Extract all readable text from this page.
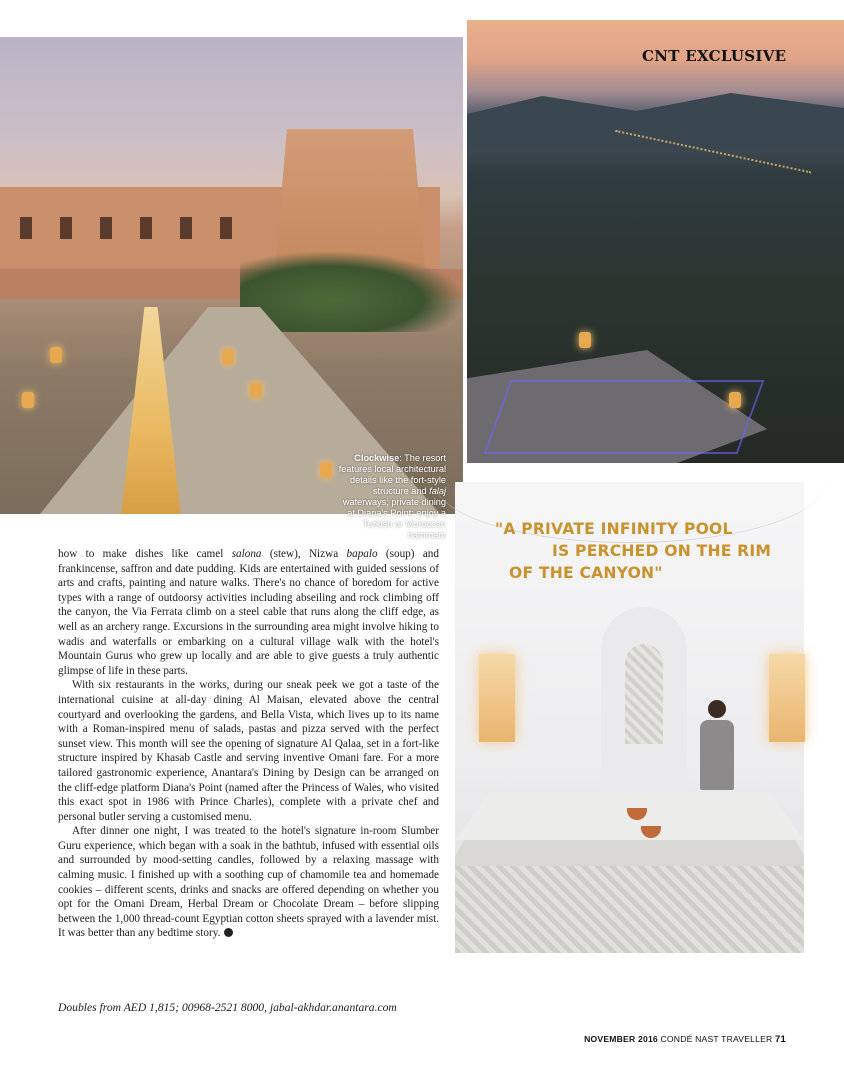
Clockwise: The resort features local architectural details like the fort-style structure and falaj waterways; private dining at Diana's Point; enjoy a Turkish or Moroccan hammam
CNT EXCLUSIVE
"A PRIVATE INFINITY POOL
IS PERCHED ON THE RIM
OF THE CANYON"

how to make dishes like camel salona (stew), Nizwa bapalo (soup) and frankincense, saffron and date pudding. Kids are entertained with guided sessions of arts and crafts, painting and nature walks. There's no chance of boredom for active types with a range of outdoorsy activities including abseiling and rock climbing off the canyon, the Via Ferrata climb on a steel cable that runs along the cliff edge, as well as an archery range. Excursions in the surrounding area might involve hiking to wadis and waterfalls or embarking on a cultural village walk with the hotel's Mountain Gurus who grew up locally and are able to give guests a truly authentic glimpse of life in these parts.

With six restaurants in the works, during our sneak peek we got a taste of the international cuisine at all-day dining Al Maisan, elevated above the central courtyard and overlooking the gardens, and Bella Vista, which lives up to its name with a Roman-inspired menu of salads, pastas and pizza served with the perfect sunset view. This month will see the opening of signature Al Qalaa, set in a fort-like structure inspired by Khasab Castle and serving inventive Omani fare. For a more tailored gastronomic experience, Anantara's Dining by Design can be arranged on the cliff-edge platform Diana's Point (named after the Princess of Wales, who visited this exact spot in 1986 with Prince Charles), complete with a private chef and personal butler serving a customised menu.

After dinner one night, I was treated to the hotel's signature in-room Slumber Guru experience, which began with a soak in the bathtub, infused with essential oils and surrounded by mood-setting candles, followed by a relaxing massage with calming music. I finished up with a soothing cup of chamomile tea and homemade cookies – different scents, drinks and snacks are offered depending on whether you opt for the Omani Dream, Herbal Dream or Chocolate Dream – before slipping between the 1,000 thread-count Egyptian cotton sheets sprayed with a lavender mist. It was better than any bedtime story.

Doubles from AED 1,815; 00968-2521 8000, jabal-akhdar.anantara.com
NOVEMBER 2016 CONDÉ NAST TRAVELLER 71
